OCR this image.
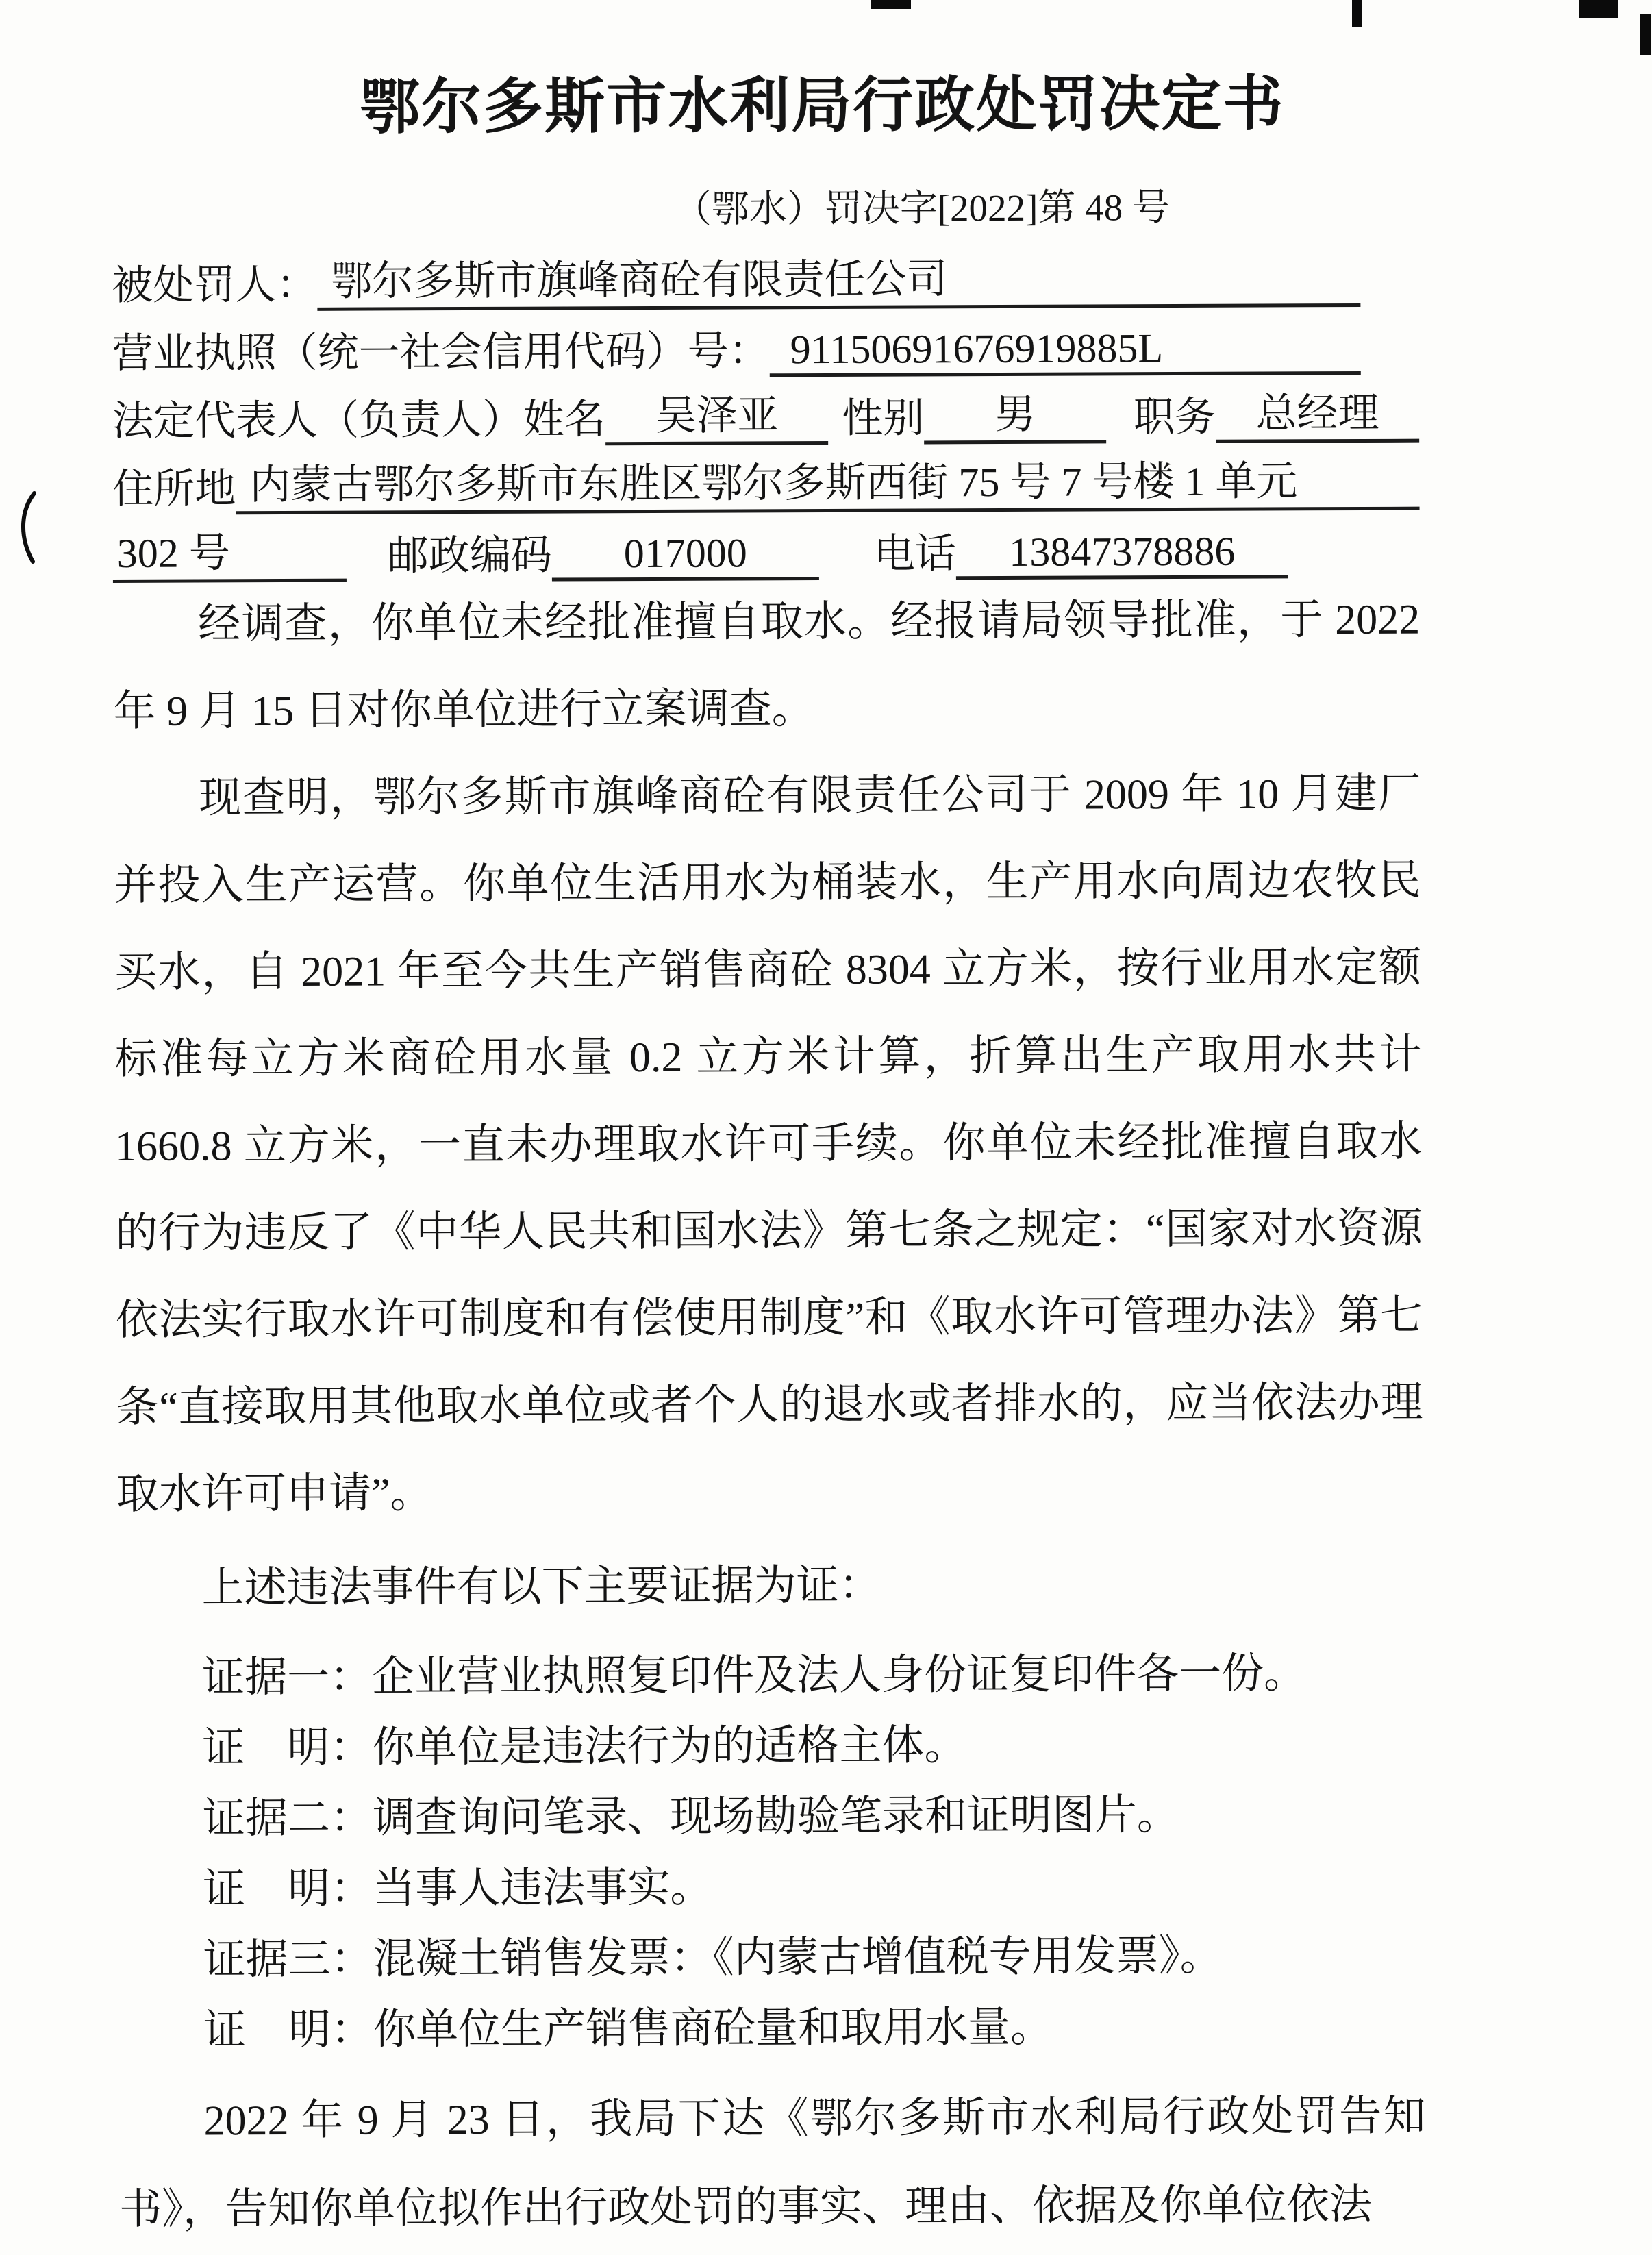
鄂尔多斯市水利局行政处罚决定书
（鄂水）罚决字[2022]第 48 号
被处罚人： 鄂尔多斯市旗峰商砼有限责任公司
营业执照（统一社会信用代码）号： 91150691676919885L
法定代表人（负责人）姓名	吴泽亚	性别	男	职务 总经理
住所地 内蒙古鄂尔多斯市东胜区鄂尔多斯西街 75 号 7 号楼 1 单元
302 号	邮政编码	017000	电话	13847378886

经调查，你单位未经批准擅自取水。经报请局领导批准，于 2022 年 9 月 15 日对你单位进行立案调查。

现查明，鄂尔多斯市旗峰商砼有限责任公司于 2009 年 10 月建厂并投入生产运营。你单位生活用水为桶装水，生产用水向周边农牧民买水，自 2021 年至今共生产销售商砼 8304 立方米，按行业用水定额标准每立方米商砼用水量 0.2 立方米计算，折算出生产取用水共计 1660.8 立方米，一直未办理取水许可手续。你单位未经批准擅自取水的行为违反了《中华人民共和国水法》第七条之规定：“国家对水资源依法实行取水许可制度和有偿使用制度”和《取水许可管理办法》第七条“直接取用其他取水单位或者个人的退水或者排水的，应当依法办理取水许可申请”。

上述违法事件有以下主要证据为证：

证据一：企业营业执照复印件及法人身份证复印件各一份。

证　明：你单位是违法行为的适格主体。

证据二：调查询问笔录、现场勘验笔录和证明图片。

证　明：当事人违法事实。

证据三：混凝土销售发票：《内蒙古增值税专用发票》。

证　明：你单位生产销售商砼量和取用水量。

2022 年 9 月 23 日，我局下达《鄂尔多斯市水利局行政处罚告知书》，告知你单位拟作出行政处罚的事实、理由、依据及你单位依法
